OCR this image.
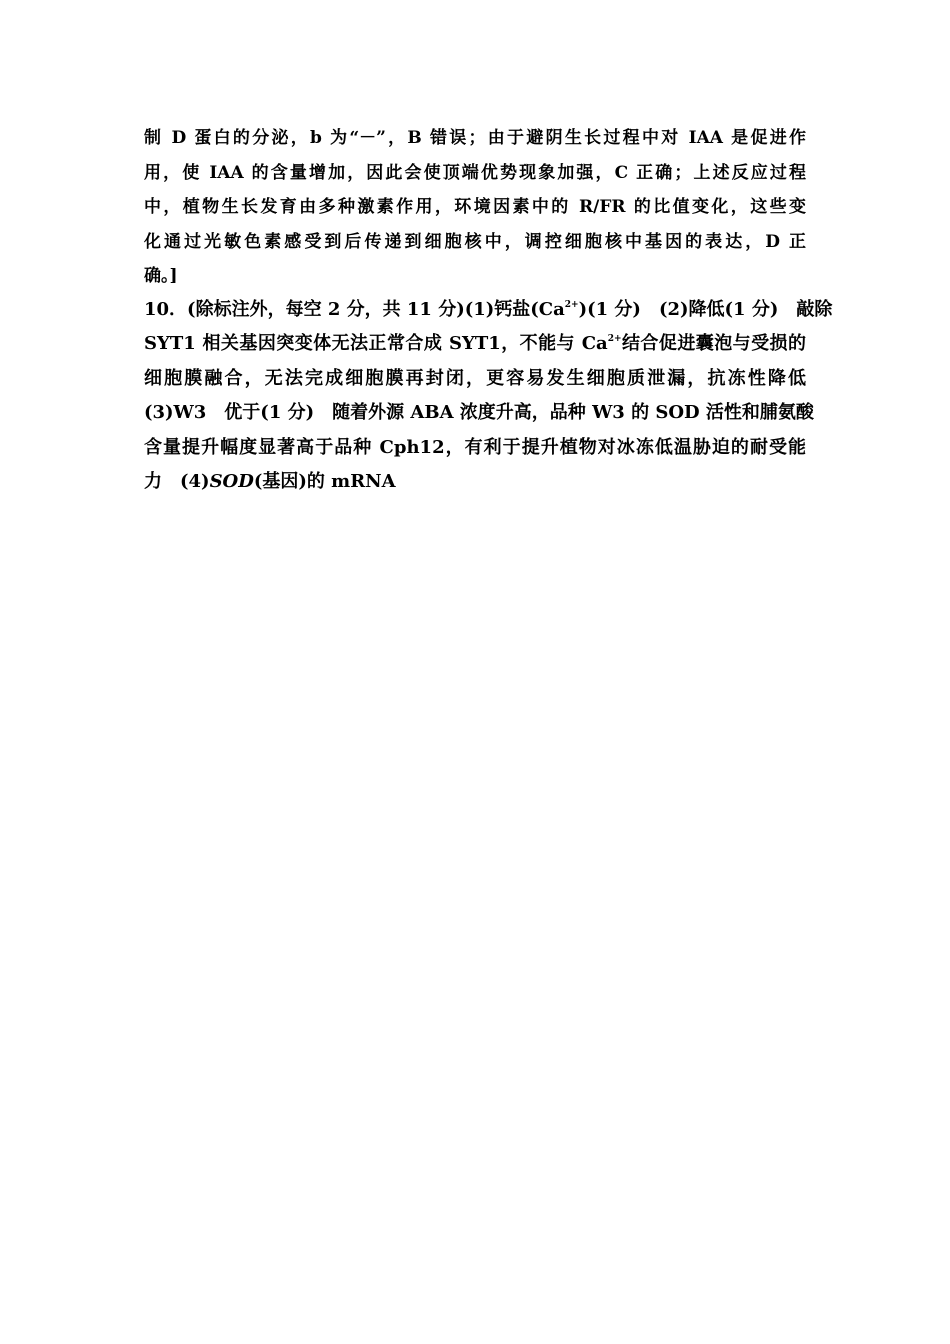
制 D 蛋白的分泌，b 为“－”，B 错误；由于避阴生长过程中对 IAA 是促进作
用，使 IAA 的含量增加，因此会使顶端优势现象加强，C 正确；上述反应过程
中，植物生长发育由多种激素作用，环境因素中的 R/FR 的比值变化，这些变
化通过光敏色素感受到后传递到细胞核中，调控细胞核中基因的表达，D 正
确。]
10．(除标注外，每空 2 分，共 11 分)(1)钙盐$(Ca^{2+})(1$ 分)　(2)降低(1 分)　敲除
SYT1 相关基因突变体无法正常合成 SYT1，不能与 $Ca^{2+}$结合促进囊泡与受损的
细胞膜融合，无法完成细胞膜再封闭，更容易发生细胞质泄漏，抗冻性降低
(3)W3　优于(1 分)　随着外源 ABA 浓度升高，品种 W3 的 SOD 活性和脯氨酸
含量提升幅度显著高于品种 Cph12，有利于提升植物对冰冻低温胁迫的耐受能
力　(4)SOD(基因)的 mRNA
